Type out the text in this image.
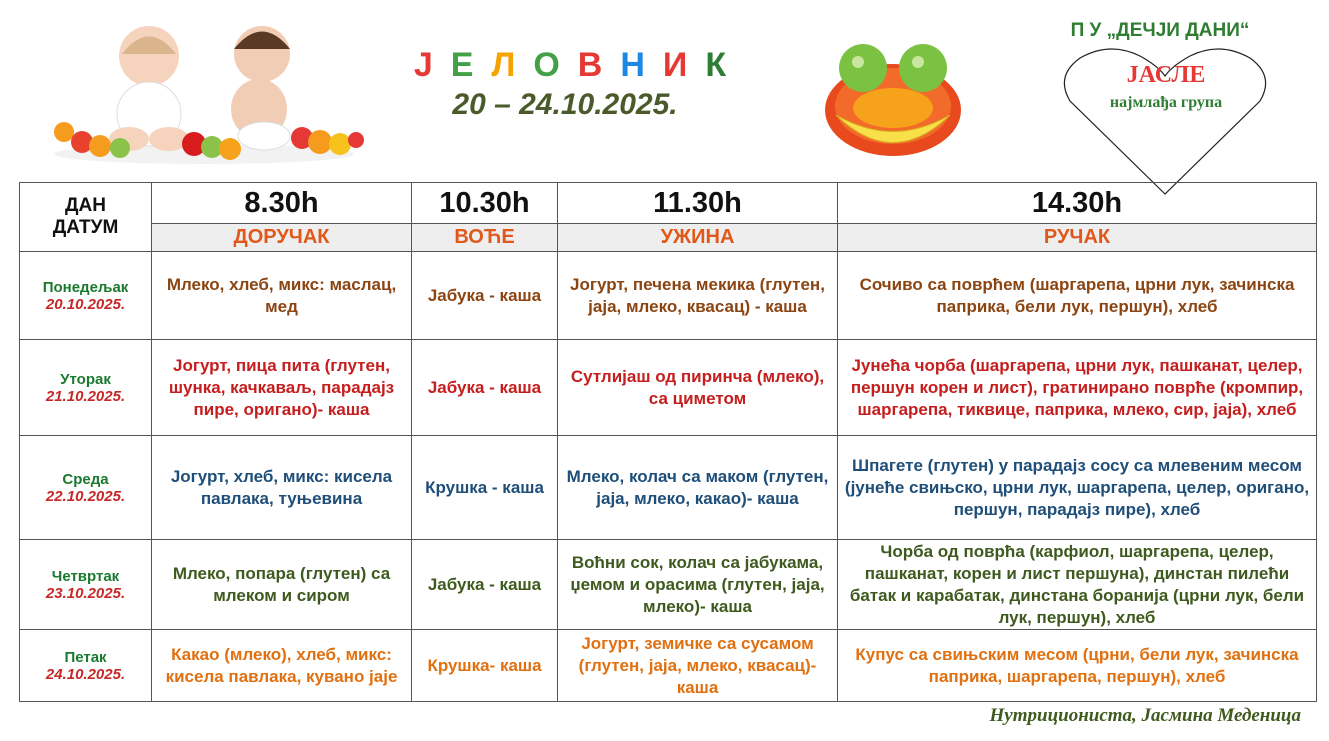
Ј Е Л О В Н И К
20 – 24.10.2025.
П У „ДЕЧЈИ ДАНИ“
ЈАСЛЕ
најмлађа група
ДАН
ДАТУМ	8.30h	10.30h	11.30h	14.30h
	ДОРУЧАК	ВОЋЕ	УЖИНА	РУЧАК

Понедељак
20.10.2025.	Млеко, хлеб, микс: маслац, мед	Јабука - каша	Јогурт, печена мекика (глутен, јаја, млеко, квасац) - каша	Сочиво са поврћем (шаргарепа, црни лук, зачинска паприка, бели лук, першун), хлеб

Уторак
21.10.2025.	Јогурт, пица пита (глутен, шунка, качкаваљ, парадајз пире, оригано)- каша	Јабука - каша	Сутлијаш од пиринча (млеко), са циметом	Јунећа чорба (шаргарепа, црни лук, пашканат, целер, першун корен и лист), гратинирано поврће (кромпир, шаргарепа, тиквице, паприка, млеко, сир, јаја), хлеб

Среда
22.10.2025.	Јогурт, хлеб, микс: кисела павлака, туњевина	Крушка - каша	Млеко, колач са маком (глутен, јаја, млеко, какао)- каша	Шпагете (глутен) у парадајз сосу са млевеним месом (јунеће свињско, црни лук, шаргарепа, целер, оригано, першун, парадајз пире), хлеб

Четвртак
23.10.2025.	Млеко, попара (глутен) са млеком и сиром	Јабука - каша	Воћни сок, колач са јабукама, џемом и орасима (глутен, јаја, млеко)- каша	Чорба од поврћа (карфиол, шаргарепа, целер, пашканат, корен и лист першуна), динстан пилећи батак и карабатак, динстана боранија (црни лук, бели лук, першун), хлеб

Петак
24.10.2025.	Какао (млеко), хлеб, микс: кисела павлака, кувано јаје	Крушка- каша	Јогурт, земичке са сусамом (глутен, јаја, млеко, квасац)- каша	Купус са свињским месом (црни, бели лук, зачинска паприка, шаргарепа, першун), хлеб
Нутрициониста, Јасмина Меденица
